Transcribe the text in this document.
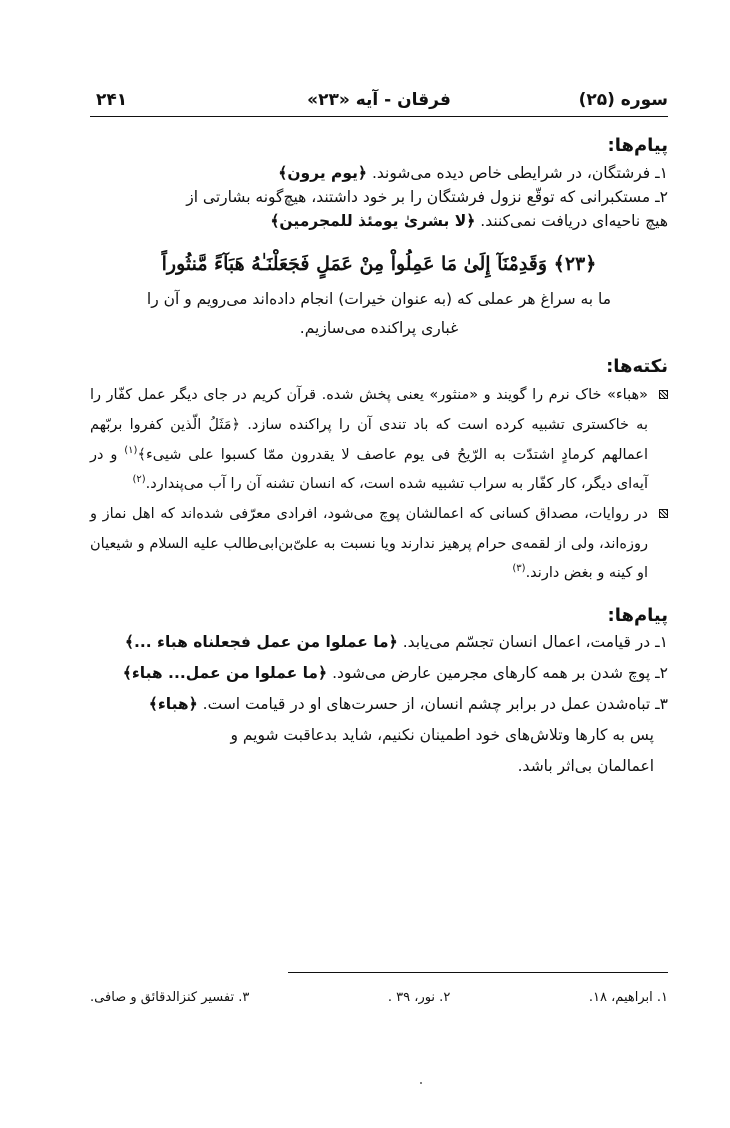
سوره (۲۵)
فرقان - آیه «۲۳»
۲۴۱

پیام‌ها:

۱ـ فرشتگان، در شرایطی خاص دیده می‌شوند. ﴿یوم یرون﴾

۲ـ مستکبرانی که توقّع نزول فرشتگان را بر خود داشتند، هیچ‌گونه بشارتی از

هیچ ناحیه‌ای دریافت نمی‌کنند. ﴿لا بشریٰ یومئذ للمجرمین﴾

﴿۲۳﴾ وَقَدِمْنَآ إِلَىٰ مَا عَمِلُواْ مِنْ عَمَلٍ فَجَعَلْنَـٰهُ هَبَآءً مَّنثُوراً

ما به سراغ هر عملی که (به عنوان خیرات) انجام داده‌اند می‌رویم و آن را

غباری پراکنده می‌سازیم.

نکته‌ها:

«هباء» خاک نرم را گویند و «منثور» یعنی پخش شده. قرآن کریم در جای دیگر عمل کفّار را به خاکستری تشبیه کرده است که باد تندی آن را پراکنده سازد. ﴿مَثَلُ الّذین کفروا بربّهم اعمالهم کرمادٍ اشتدّت به الرّیحُ فی یوم عاصف لا یقدرون ممّا کسبوا علی شییء﴾$^{(۱)}$ و در آیه‌ای دیگر، کار کفّار به سراب تشبیه شده است، که انسان تشنه آن را آب می‌پندارد.$^{(۲)}$

در روایات، مصداق کسانی که اعمالشان پوچ می‌شود، افرادی معرّفی شده‌اند که اهل نماز و روزه‌اند، ولی از لقمه‌ی حرام پرهیز ندارند ویا نسبت به علیّ‌بن‌ابی‌طالب علیه السلام و شیعیان او کینه و بغض دارند.$^{(۳)}$

پیام‌ها:

۱ـ در قیامت، اعمال انسان تجسّم می‌یابد. ﴿ما عملوا من عمل فجعلناه هباء ...﴾

۲ـ پوچ شدن بر همه کارهای مجرمین عارض می‌شود. ﴿ما عملوا من عمل... هباء﴾

۳ـ تباه‌شدن عمل در برابر چشم انسان، از حسرت‌های او در قیامت است. ﴿هباء﴾

پس به کارها وتلاش‌های خود اطمینان نکنیم، شاید بدعاقبت شویم و

اعمالمان بی‌اثر باشد.

۱. ابراهیم، ۱۸.
۲. نور، ۳۹ .
۳. تفسیر کنزالدقائق و صافی.
